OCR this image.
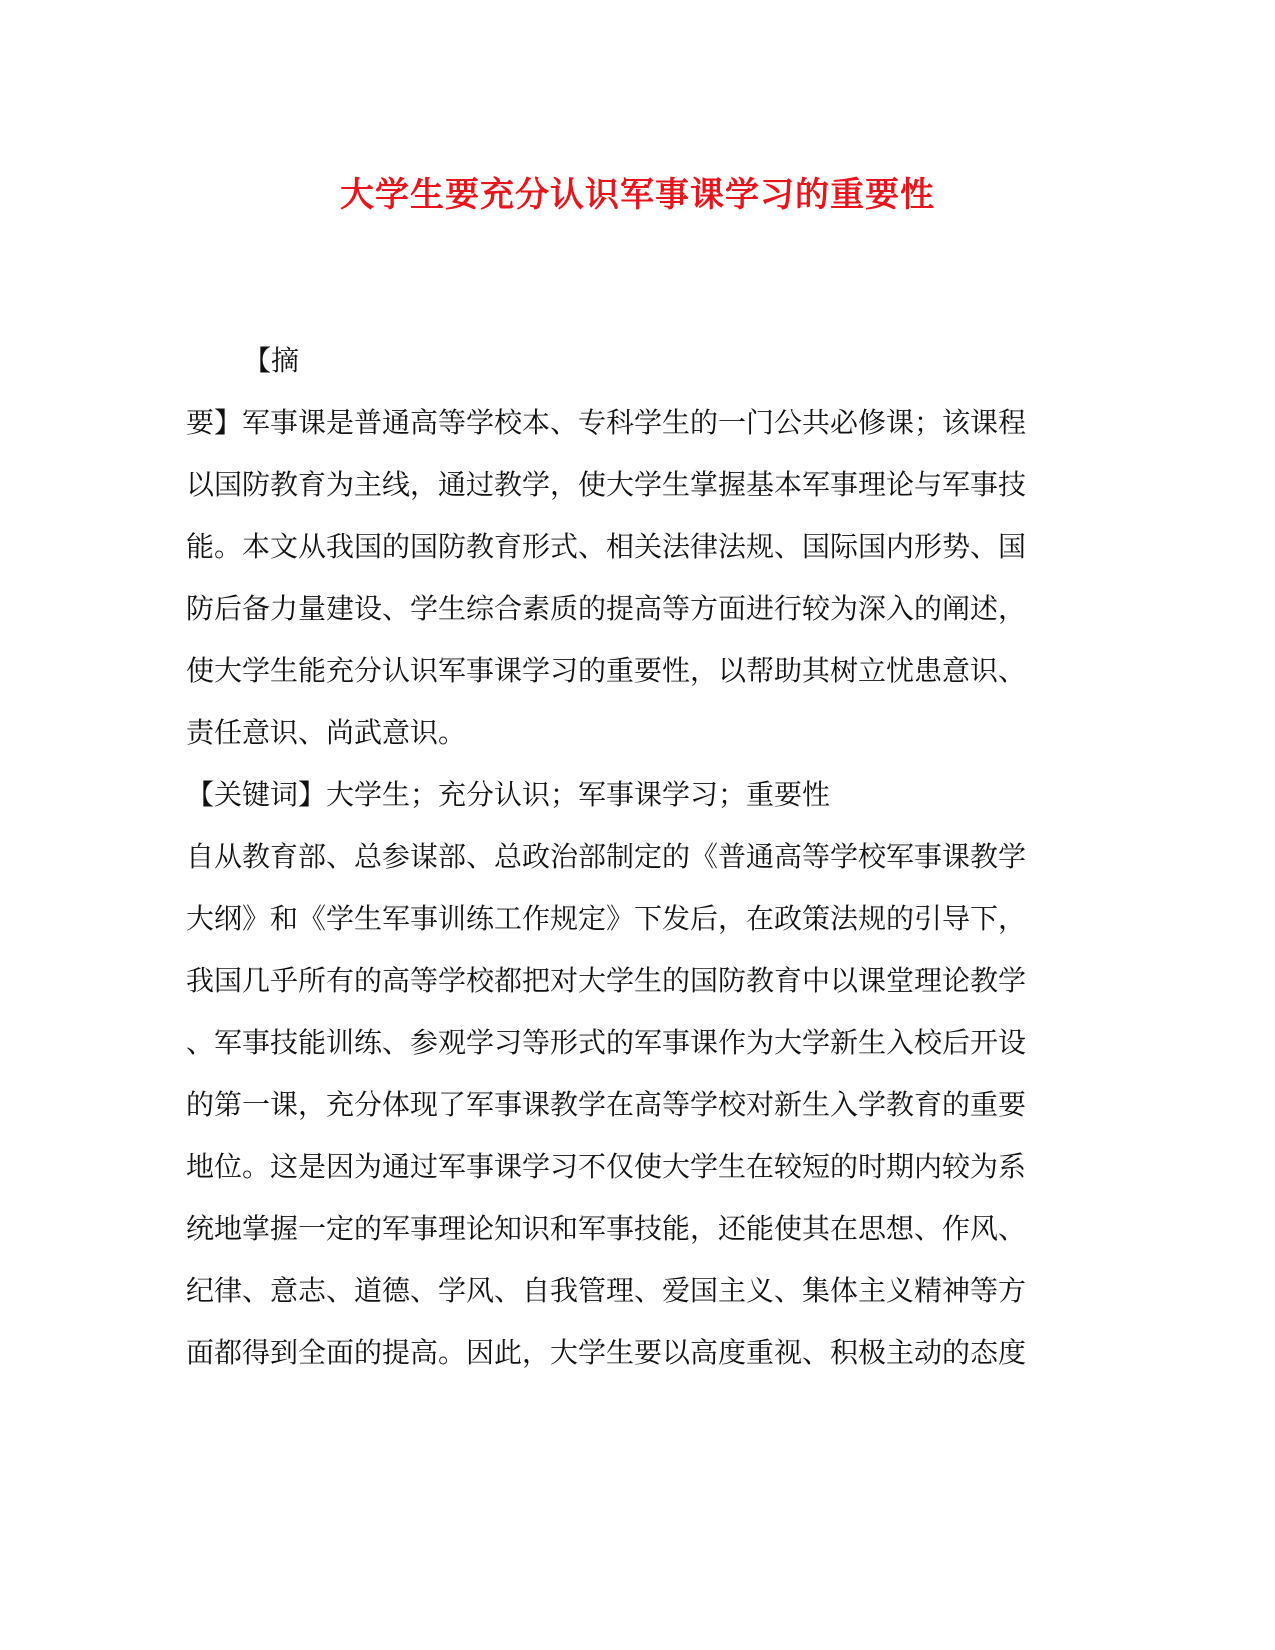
大学生要充分认识军事课学习的重要性
【摘
要】军事课是普通高等学校本、专科学生的一门公共必修课；该课程
以国防教育为主线，通过教学，使大学生掌握基本军事理论与军事技
能。本文从我国的国防教育形式、相关法律法规、国际国内形势、国
防后备力量建设、学生综合素质的提高等方面进行较为深入的阐述，
使大学生能充分认识军事课学习的重要性，以帮助其树立忧患意识、
责任意识、尚武意识。
【关键词】大学生；充分认识；军事课学习；重要性
自从教育部、总参谋部、总政治部制定的《普通高等学校军事课教学
大纲》和《学生军事训练工作规定》下发后，在政策法规的引导下，
我国几乎所有的高等学校都把对大学生的国防教育中以课堂理论教学
、军事技能训练、参观学习等形式的军事课作为大学新生入校后开设
的第一课，充分体现了军事课教学在高等学校对新生入学教育的重要
地位。这是因为通过军事课学习不仅使大学生在较短的时期内较为系
统地掌握一定的军事理论知识和军事技能，还能使其在思想、作风、
纪律、意志、道德、学风、自我管理、爱国主义、集体主义精神等方
面都得到全面的提高。因此，大学生要以高度重视、积极主动的态度
